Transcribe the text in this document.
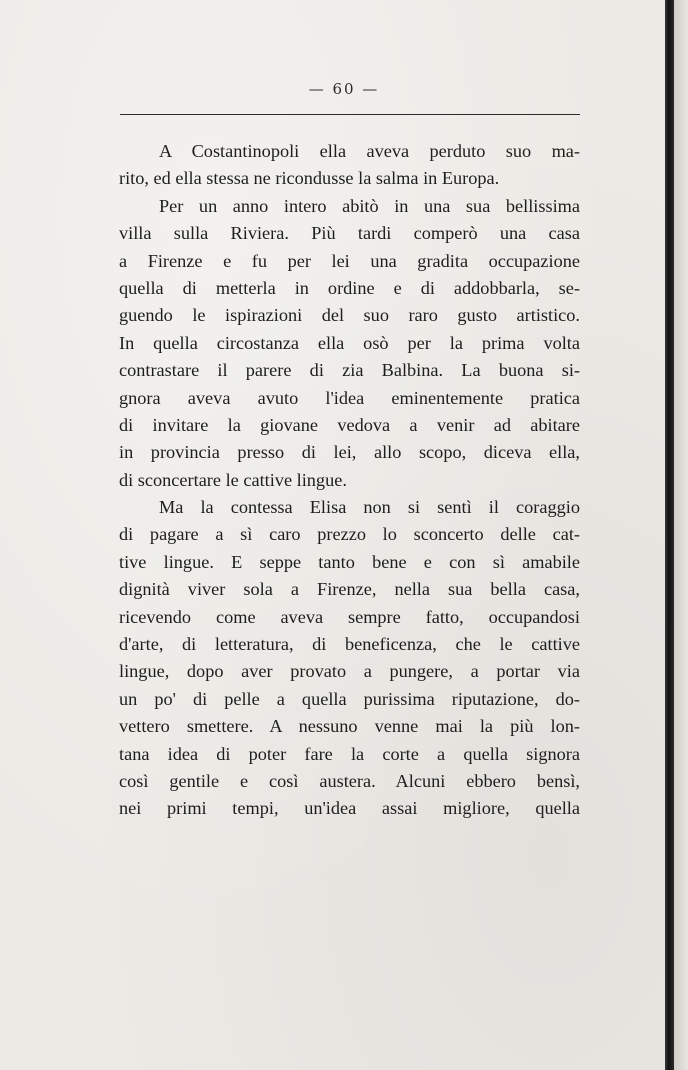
— 60 —
A Costantinopoli ella aveva perduto suo ma-
rito, ed ella stessa ne ricondusse la salma in Europa.
Per un anno intero abitò in una sua bellissima
villa sulla Riviera. Più tardi comperò una casa
a Firenze e fu per lei una gradita occupazione
quella di metterla in ordine e di addobbarla, se-
guendo le ispirazioni del suo raro gusto artistico.
In quella circostanza ella osò per la prima volta
contrastare il parere di zia Balbina. La buona si-
gnora aveva avuto l'idea eminentemente pratica
di invitare la giovane vedova a venir ad abitare
in provincia presso di lei, allo scopo, diceva ella,
di sconcertare le cattive lingue.
Ma la contessa Elisa non si sentì il coraggio
di pagare a sì caro prezzo lo sconcerto delle cat-
tive lingue. E seppe tanto bene e con sì amabile
dignità viver sola a Firenze, nella sua bella casa,
ricevendo come aveva sempre fatto, occupandosi
d'arte, di letteratura, di beneficenza, che le cattive
lingue, dopo aver provato a pungere, a portar via
un po' di pelle a quella purissima riputazione, do-
vettero smettere. A nessuno venne mai la più lon-
tana idea di poter fare la corte a quella signora
così gentile e così austera. Alcuni ebbero bensì,
nei primi tempi, un'idea assai migliore, quella
